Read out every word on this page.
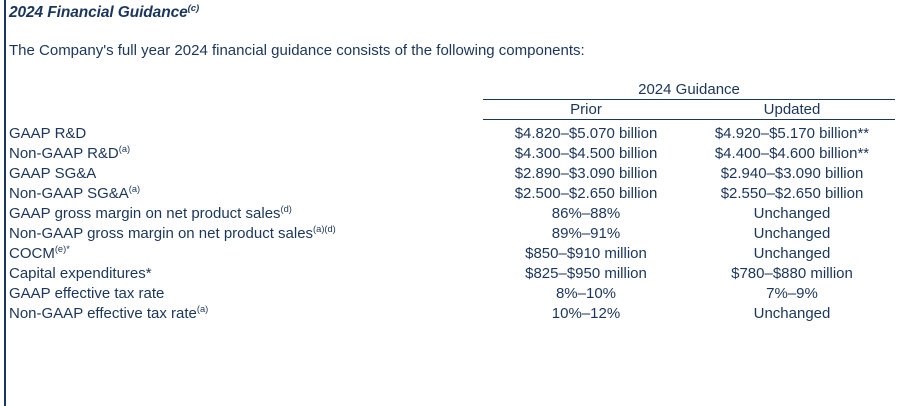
2024 Financial Guidance$^{(c)}$
The Company's full year 2024 financial guidance consists of the following components:
	2024 Guidance	
	Prior	Updated

GAAP R&D	$4.820–$5.070 billion	$4.920–$5.170 billion**
Non-GAAP $R\&D^{(a)}$	$4.300–$4.500 billion	$4.400–$4.600 billion**
GAAP SG&A	$2.890–$3.090 billion	$2.940–$3.090 billion
Non-GAAP $SG\&A^{(a)}$	$2.500–$2.650 billion	$2.550–$2.650 billion
GAAP gross margin on net product sales$^{(d)}$	86%–88%	Unchanged
Non-GAAP gross margin on net product sales$^{(a)(d)}$	89%–91%	Unchanged
$COCM^{(e)*}$	$850–$910 million	Unchanged
Capital expenditures*	$825–$950 million	$780–$880 million
GAAP effective tax rate	8%–10%	7%–9%
Non-GAAP effective tax rate$^{(a)}$	10%–12%	Unchanged
